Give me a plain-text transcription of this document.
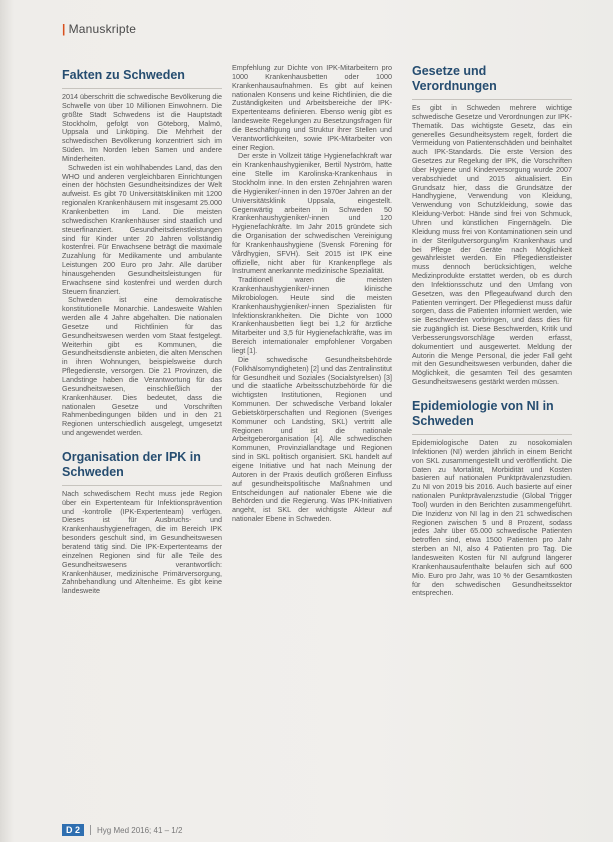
| Manuskripte
Fakten zu Schweden

2014 überschritt die schwedische Bevölkerung die Schwelle von über 10 Millionen Einwohnern. Die größte Stadt Schwedens ist die Hauptstadt Stockholm, gefolgt von Göteborg, Malmö, Uppsala und Linköping. Die Mehrheit der schwedischen Bevölkerung konzentriert sich im Süden. Im Norden leben Samen und andere Minderheiten.

Schweden ist ein wohlhabendes Land, das den WHO und anderen vergleichbaren Einrichtungen einen der höchsten Gesundheitsindizes der Welt aufweist. Es gibt 70 Universitätskliniken mit 1200 regionalen Krankenhäusern mit insgesamt 25.000 Krankenbetten im Land. Die meisten schwedischen Krankenhäuser sind staatlich und steuerfinanziert. Gesundheitsdienstleistungen sind für Kinder unter 20 Jahren vollständig kostenfrei. Für Erwachsene beträgt die maximale Zuzahlung für Medikamente und ambulante Leistungen 200 Euro pro Jahr. Alle darüber hinausgehenden Gesundheitsleistungen für Erwachsene sind kostenfrei und werden durch Steuern finanziert.

Schweden ist eine demokratische konstitutionelle Monarchie. Landesweite Wahlen werden alle 4 Jahre abgehalten. Die nationalen Gesetze und Richtlinien für das Gesundheitswesen werden vom Staat festgelegt. Weiterhin gibt es Kommunen, die Gesundheitsdienste anbieten, die alten Menschen in ihren Wohnungen, beispielsweise durch Pflegedienste, versorgen. Die 21 Provinzen, die Landstinge haben die Verantwortung für das Gesundheitswesen, einschließlich der Krankenhäuser. Dies bedeutet, dass die nationalen Gesetze und Vorschriften Rahmenbedingungen bilden und in den 21 Regionen unterschiedlich ausgelegt, umgesetzt und angewendet werden.

Organisation der IPK in Schweden

Nach schwedischem Recht muss jede Region über ein Expertenteam für Infektionsprävention und -kontrolle (IPK-Expertenteam) verfügen. Dieses ist für Ausbruchs- und Krankenhaushygienefragen, die im Bereich IPK besonders geschult sind, im Gesundheitswesen beratend tätig sind. Die IPK-Expertenteams der einzelnen Regionen sind für alle Teile des Gesundheitswesens verantwortlich: Krankenhäuser, medizinische Primärversorgung, Zahnbehandlung und Altenheime. Es gibt keine landesweite

Empfehlung zur Dichte von IPK-Mitarbeitern pro 1000 Krankenhausbetten oder 1000 Krankenhausaufnahmen. Es gibt auf keinen nationalen Konsens und keine Richtlinien, die die Zuständigkeiten und Arbeitsbereiche der IPK-Expertenteams definieren. Ebenso wenig gibt es landesweite Regelungen zu Besetzungsfragen für die Beschäftigung und Struktur ihrer Stellen und Verantwortlichkeiten, sowie IPK-Mitarbeiter von einer Region.

Der erste in Vollzeit tätige Hygienefachkraft war ein Krankenhaushygieniker, Bertil Nyström, hatte eine Stelle im Karolinska-Krankenhaus in Stockholm inne. In den ersten Zehnjahren waren die Hygieniker/-innen in den 1970er Jahren an der Universitätsklinik Uppsala, eingestellt. Gegenwärtig arbeiten in Schweden 50 Krankenhaushygieniker/-innen und 120 Hygienefachkräfte. Im Jahr 2015 gründete sich die Organisation der schwedischen Vereinigung für Krankenhaushygiene (Svensk Förening för Vårdhygien, SFVH). Seit 2015 ist IPK eine offizielle, nicht aber für Krankenpflege als Instrument anerkannte medizinische Spezialität.

Traditionell waren die meisten Krankenhaushygieniker/-innen klinische Mikrobiologen. Heute sind die meisten Krankenhaushygieniker/-innen Spezialisten für Infektionskrankheiten. Die Dichte von 1000 Krankenhausbetten liegt bei 1,2 für ärztliche Mitarbeiter und 3,5 für Hygienefachkräfte, was im Bereich internationaler empfohlener Vorgaben liegt [1].

Die schwedische Gesundheitsbehörde (Folkhälsomyndigheten) [2] und das Zentralinstitut für Gesundheit und Soziales (Socialstyrelsen) [3] und die staatliche Arbeitsschutzbehörde für die wichtigsten Institutionen, Regionen und Kommunen. Der schwedische Verband lokaler Gebietskörperschaften und Regionen (Sveriges Kommuner och Landsting, SKL) vertritt alle Regionen und ist die nationale Arbeitgeberorganisation [4]. Alle schwedischen Kommunen, Provinziallandtage und Regionen sind in SKL politisch organisiert. SKL handelt auf eigene Initiative und hat nach Meinung der Autoren in der Praxis deutlich größeren Einfluss auf gesundheitspolitische Maßnahmen und Entscheidungen auf nationaler Ebene wie die Behörden und die Regierung. Was IPK-Initiativen angeht, ist SKL der wichtigste Akteur auf nationaler Ebene in Schweden.

Gesetze und Verordnungen

Es gibt in Schweden mehrere wichtige schwedische Gesetze und Verordnungen zur IPK-Thematik. Das wichtigste Gesetz, das ein generelles Gesundheitsystem regelt, fordert die Vermeidung von Patientenschäden und beinhaltet auch IPK-Standards. Die erste Version des Gesetzes zur Regelung der IPK, die Vorschriften über Hygiene und Kinderversorgung wurde 2007 verabschiedet und 2015 aktualisiert. Ein Grundsatz hier, dass die Grundsätze der Handhygiene, Verwendung von Kleidung, Verwendung von Schutzkleidung, sowie das Kleidung-Verbot: Hände sind frei von Schmuck, Uhren und künstlichen Fingernägeln. Die Kleidung muss frei von Kontaminationen sein und in der Sterilgutversorgung/im Krankenhaus und bei Pflege der Geräte nach Möglichkeit gewährleistet werden. Ein Pflegedienstleister muss dennoch berücksichtigen, welche Medizinprodukte erstattet werden, ob es durch den Infektionsschutz und den Umfang von Gesetzen, was den Pflegeaufwand durch den Patienten verringert. Der Pflegedienst muss dafür sorgen, dass die Patienten informiert werden, wie sie Beschwerden vorbringen, und dass dies für sie zugänglich ist. Diese Beschwerden, Kritik und Verbesserungsvorschläge werden erfasst, dokumentiert und ausgewertet. Meldung der Autorin die Menge Personal, die jeder Fall geht mit den Gesundheitswesen verbunden, daher die Möglichkeit, die gesamten Teil des gesamten Gesundheitswesens gestärkt werden müssen.

Epidemiologie von NI in Schweden

Epidemiologische Daten zu nosokomialen Infektionen (NI) werden jährlich in einem Bericht von SKL zusammengestellt und veröffentlicht. Die Daten zu Mortalität, Morbidität und Kosten basieren auf nationalen Punktprävalenzstudien. Zu NI von 2019 bis 2016. Auch basierte auf einer nationalen Punktprävalenzstudie (Global Trigger Tool) wurden in den Berichten zusammengeführt. Die Inzidenz von NI lag in den 21 schwedischen Regionen zwischen 5 und 8 Prozent, sodass jedes Jahr über 65.000 schwedische Patienten betroffen sind, etwa 1500 Patienten pro Jahr sterben an NI, also 4 Patienten pro Tag. Die landesweiten Kosten für NI aufgrund längerer Krankenhausaufenthalte belaufen sich auf 600 Mio. Euro pro Jahr, was 10 % der Gesamtkosten für den schwedischen Gesundheitssektor entsprechen.

D 2	Hyg Med 2016; 41 – 1/2
